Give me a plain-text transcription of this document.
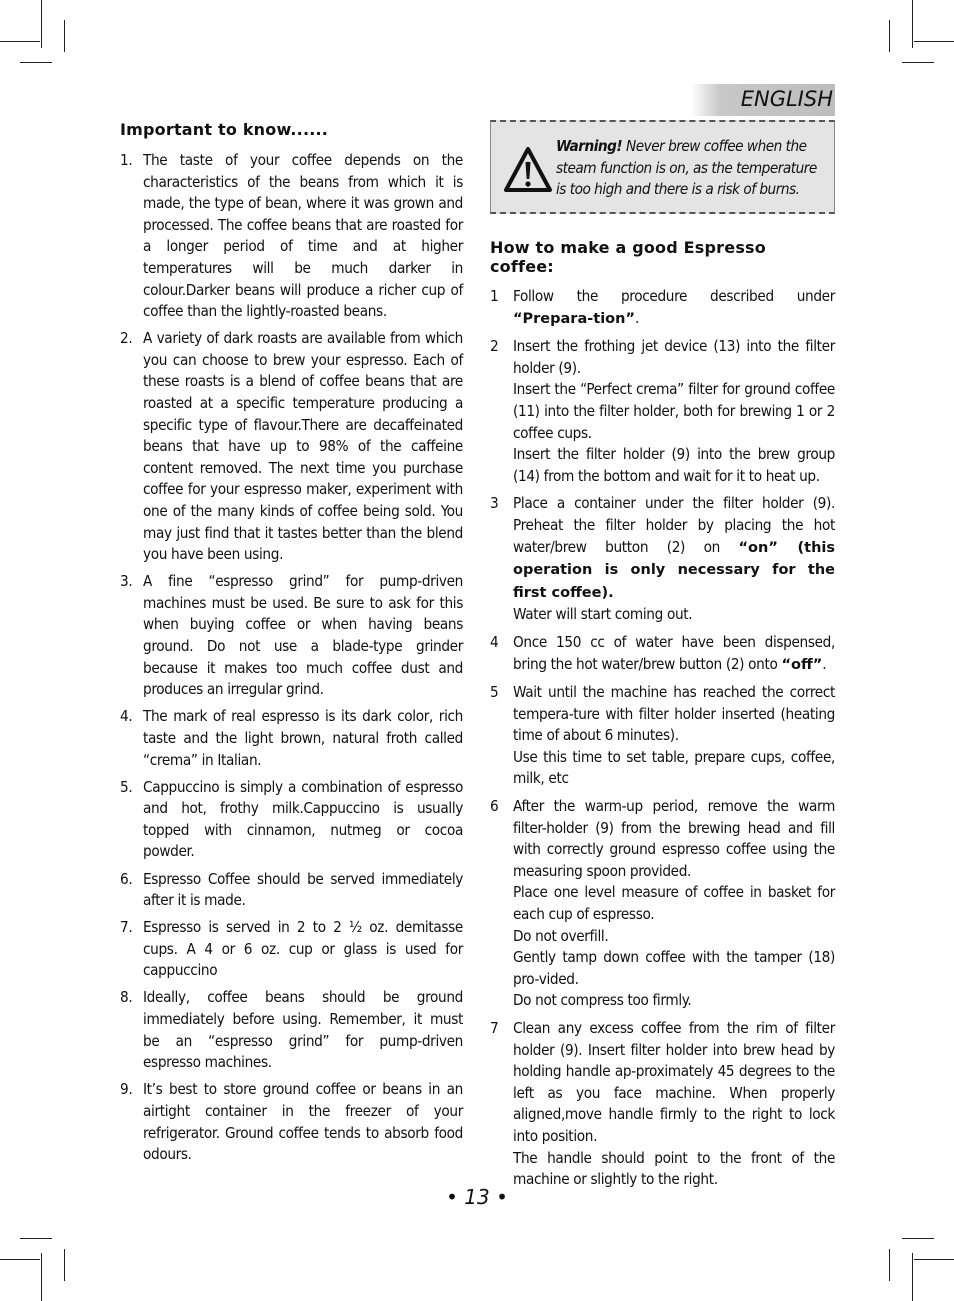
ENGLISH
Important to know......
1. The taste of your coffee depends on the characteristics of the beans from which it is made, the type of bean, where it was grown and processed. The coffee beans that are roasted for a longer period of time and at higher temperatures will be much darker in colour.Darker beans will produce a richer cup of coffee than the lightly-roasted beans.

2. A variety of dark roasts are available from which you can choose to brew your espresso. Each of these roasts is a blend of coffee beans that are roasted at a specific temperature producing a specific type of flavour.There are decaffeinated beans that have up to 98% of the caffeine content removed. The next time you purchase coffee for your espresso maker, experiment with one of the many kinds of coffee being sold. You may just find that it tastes better than the blend you have been using.

3. A fine “espresso grind” for pump-driven machines must be used. Be sure to ask for this when buying coffee or when having beans ground. Do not use a blade-type grinder because it makes too much coffee dust and produces an irregular grind.

4. The mark of real espresso is its dark color, rich taste and the light brown, natural froth called “crema” in Italian.

5. Cappuccino is simply a combination of espresso and hot, frothy milk.Cappuccino is usually topped with cinnamon, nutmeg or cocoa powder.

6. Espresso Coffee should be served immediately after it is made.

7. Espresso is served in 2 to 2 ½ oz. demitasse cups. A 4 or 6 oz. cup or glass is used for cappuccino

8. Ideally, coffee beans should be ground immediately before using. Remember, it must be an “espresso grind” for pump-driven espresso machines.

9. It’s best to store ground coffee or beans in an airtight container in the freezer of your refrigerator. Ground coffee tends to absorb food odours.

Warning! Never brew coffee when the steam function is on, as the temperature is too high and there is a risk of burns.
How to make a good Espresso coffee:
1 Follow the procedure described under “Prepara-tion”.

2 Insert the frothing jet device (13) into the filter holder (9).

Insert the “Perfect crema” filter for ground coffee (11) into the filter holder, both for brewing 1 or 2 coffee cups.

Insert the filter holder (9) into the brew group (14) from the bottom and wait for it to heat up.

3 Place a container under the filter holder (9). Preheat the filter holder by placing the hot water/brew button (2) on “on” (this operation is only necessary for the first coffee).

Water will start coming out.

4 Once 150 cc of water have been dispensed, bring the hot water/brew button (2) onto “off”.

5 Wait until the machine has reached the correct tempera-ture with filter holder inserted (heating time of about 6 minutes).

Use this time to set table, prepare cups, coffee, milk, etc

6 After the warm-up period, remove the warm filter-holder (9) from the brewing head and fill with correctly ground espresso coffee using the measuring spoon provided.

Place one level measure of coffee in basket for each cup of espresso.

Do not overfill.

Gently tamp down coffee with the tamper (18) pro-vided.

Do not compress too firmly.

7 Clean any excess coffee from the rim of filter holder (9). Insert filter holder into brew head by holding handle ap-proximately 45 degrees to the left as you face machine. When properly aligned,move handle firmly to the right to lock into position.

The handle should point to the front of the machine or slightly to the right.

• 13 •
